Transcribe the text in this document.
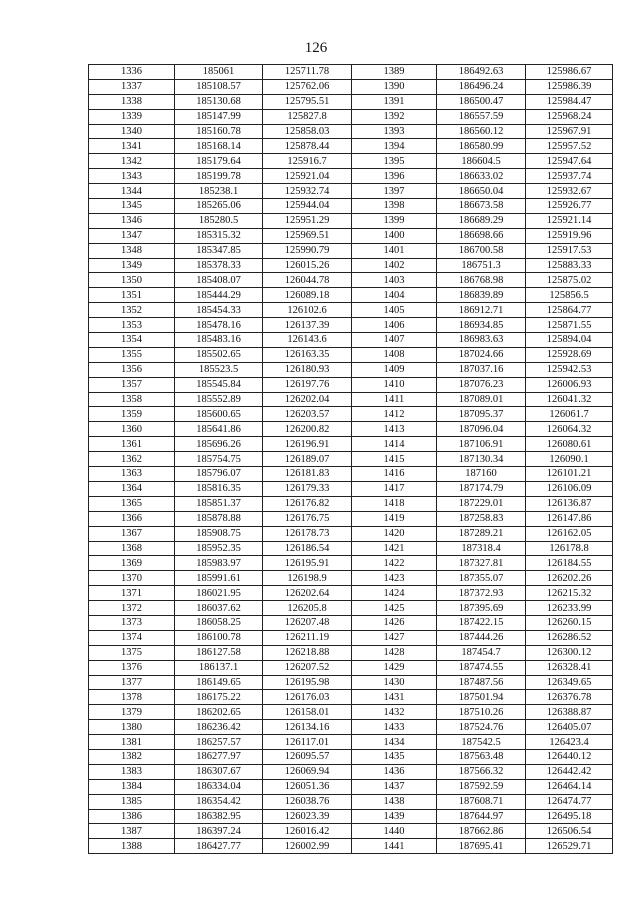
126
1336	185061	125711.78	1389	186492.63	125986.67
1337	185108.57	125762.06	1390	186496.24	125986.39
1338	185130.68	125795.51	1391	186500.47	125984.47
1339	185147.99	125827.8	1392	186557.59	125968.24
1340	185160.78	125858.03	1393	186560.12	125967.91
1341	185168.14	125878.44	1394	186580.99	125957.52
1342	185179.64	125916.7	1395	186604.5	125947.64
1343	185199.78	125921.04	1396	186633.02	125937.74
1344	185238.1	125932.74	1397	186650.04	125932.67
1345	185265.06	125944.04	1398	186673.58	125926.77
1346	185280.5	125951.29	1399	186689.29	125921.14
1347	185315.32	125969.51	1400	186698.66	125919.96
1348	185347.85	125990.79	1401	186700.58	125917.53
1349	185378.33	126015.26	1402	186751.3	125883.33
1350	185408.07	126044.78	1403	186768.98	125875.02
1351	185444.29	126089.18	1404	186839.89	125856.5
1352	185454.33	126102.6	1405	186912.71	125864.77
1353	185478.16	126137.39	1406	186934.85	125871.55
1354	185483.16	126143.6	1407	186983.63	125894.04
1355	185502.65	126163.35	1408	187024.66	125928.69
1356	185523.5	126180.93	1409	187037.16	125942.53
1357	185545.84	126197.76	1410	187076.23	126006.93
1358	185552.89	126202.04	1411	187089.01	126041.32
1359	185600.65	126203.57	1412	187095.37	126061.7
1360	185641.86	126200.82	1413	187096.04	126064.32
1361	185696.26	126196.91	1414	187106.91	126080.61
1362	185754.75	126189.07	1415	187130.34	126090.1
1363	185796.07	126181.83	1416	187160	126101.21
1364	185816.35	126179.33	1417	187174.79	126106.09
1365	185851.37	126176.82	1418	187229.01	126136.87
1366	185878.88	126176.75	1419	187258.83	126147.86
1367	185908.75	126178.73	1420	187289.21	126162.05
1368	185952.35	126186.54	1421	187318.4	126178.8
1369	185983.97	126195.91	1422	187327.81	126184.55
1370	185991.61	126198.9	1423	187355.07	126202.26
1371	186021.95	126202.64	1424	187372.93	126215.32
1372	186037.62	126205.8	1425	187395.69	126233.99
1373	186058.25	126207.48	1426	187422.15	126260.15
1374	186100.78	126211.19	1427	187444.26	126286.52
1375	186127.58	126218.88	1428	187454.7	126300.12
1376	186137.1	126207.52	1429	187474.55	126328.41
1377	186149.65	126195.98	1430	187487.56	126349.65
1378	186175.22	126176.03	1431	187501.94	126376.78
1379	186202.65	126158.01	1432	187510.26	126388.87
1380	186236.42	126134.16	1433	187524.76	126405.07
1381	186257.57	126117.01	1434	187542.5	126423.4
1382	186277.97	126095.57	1435	187563.48	126440.12
1383	186307.67	126069.94	1436	187566.32	126442.42
1384	186334.04	126051.36	1437	187592.59	126464.14
1385	186354.42	126038.76	1438	187608.71	126474.77
1386	186382.95	126023.39	1439	187644.97	126495.18
1387	186397.24	126016.42	1440	187662.86	126506.54
1388	186427.77	126002.99	1441	187695.41	126529.71
